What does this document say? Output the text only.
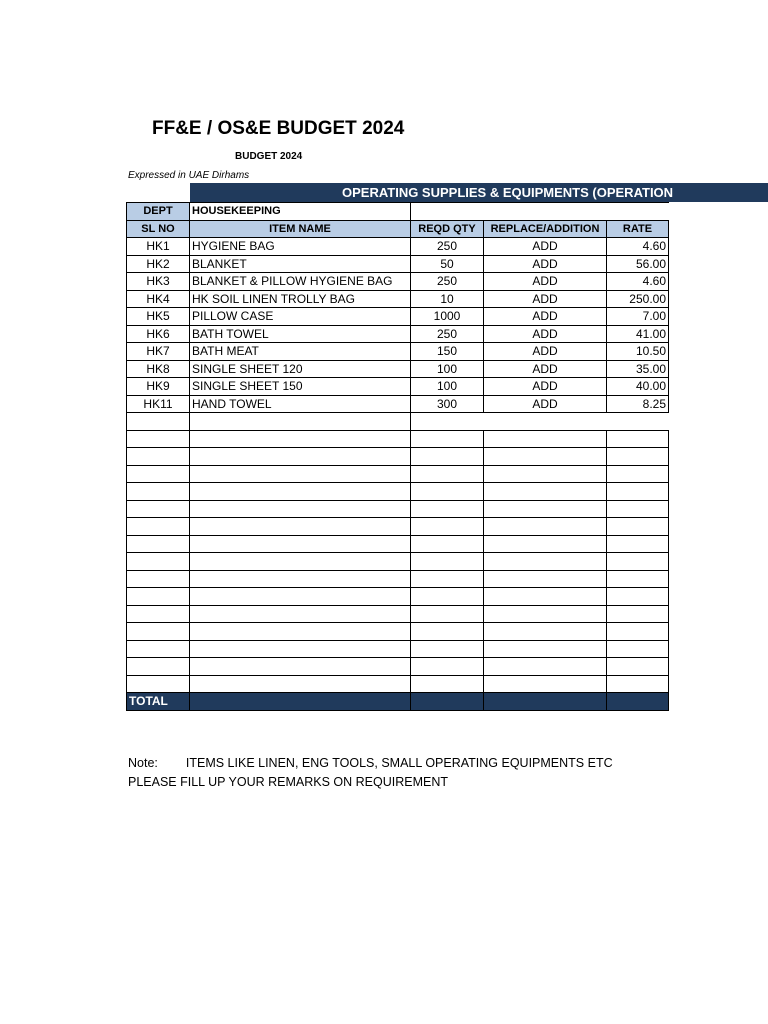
FF&E / OS&E BUDGET 2024
BUDGET 2024
Expressed in UAE Dirhams
OPERATING SUPPLIES & EQUIPMENTS (OPERATION
DEPT	HOUSEKEEPING			
SL NO	ITEM NAME	REQD QTY	REPLACE/ADDITION	RATE
HK1	HYGIENE BAG	250	ADD	4.60
HK2	BLANKET	50	ADD	56.00
HK3	BLANKET & PILLOW HYGIENE BAG	250	ADD	4.60
HK4	HK SOIL LINEN TROLLY BAG	10	ADD	250.00
HK5	PILLOW CASE	1000	ADD	7.00
HK6	BATH TOWEL	250	ADD	41.00
HK7	BATH MEAT	150	ADD	10.50
HK8	SINGLE SHEET 120	100	ADD	35.00
HK9	SINGLE SHEET 150	100	ADD	40.00
HK11	HAND TOWEL	300	ADD	8.25

TOTAL				
Note: ITEMS LIKE LINEN, ENG TOOLS, SMALL OPERATING EQUIPMENTS ETC
PLEASE FILL UP YOUR REMARKS ON REQUIREMENT
